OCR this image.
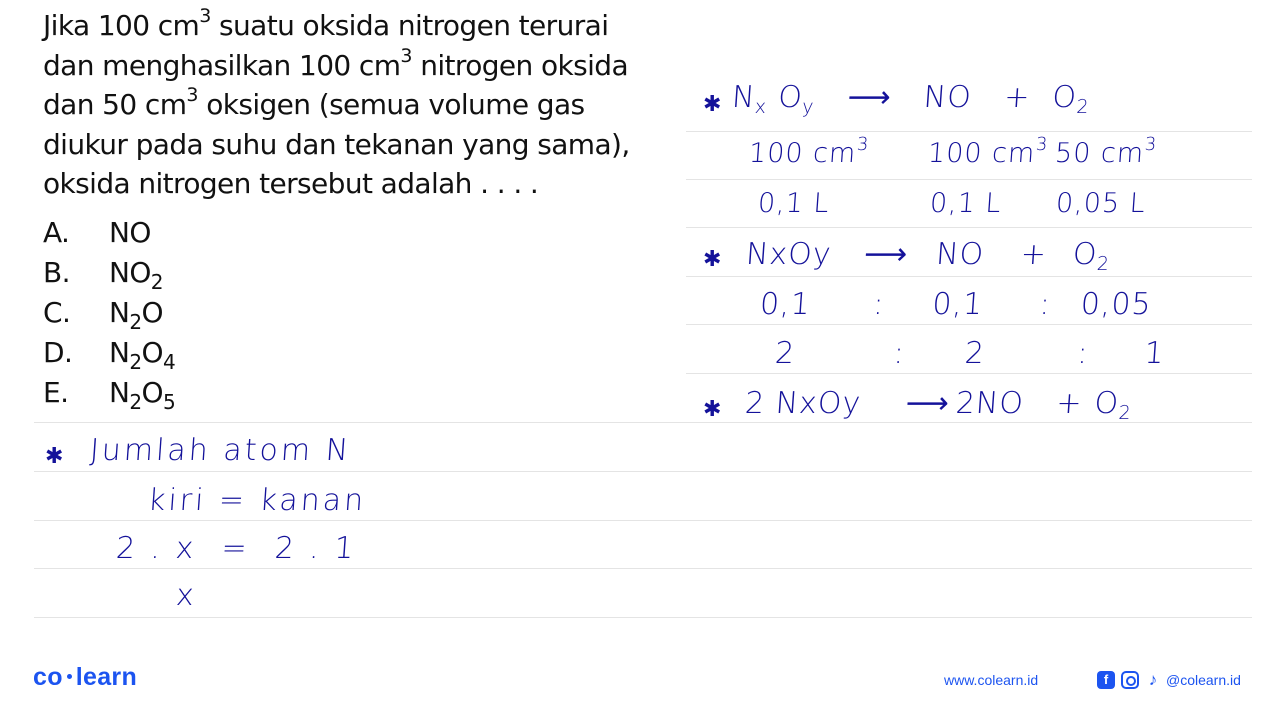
Jika 100 $cm^3$ suatu oksida nitrogen terurai

dan menghasilkan 100 $cm^3$ nitrogen oksida

dan 50 $cm^3$ oksigen (semua volume gas

diukur pada suhu dan tekanan yang sama),

oksida nitrogen tersebut adalah . . . .

A. NO
B. $NO_2$
C. $N_2O$
D. $N_2O_4$
E. $N_2O_5$
✱ $N_x$ $O_y$ ⟶ NO + $O_2$
100 $cm^3$ 100 $cm^3$ 50 $cm^3$
0,1 L	0,1 L 0,05 L
✱ NxOy ⟶ NO + $O_2$
0,1 : 0,1 : 0,05
2	: 2	: 1
✱ 2 NxOy ⟶ $2NO + O_2$
✱ Jumlah atom N
kiri = kanan
2 . x  =  2 . 1
x
co learn	www.colearn.id	f	♪ @colearn.id
